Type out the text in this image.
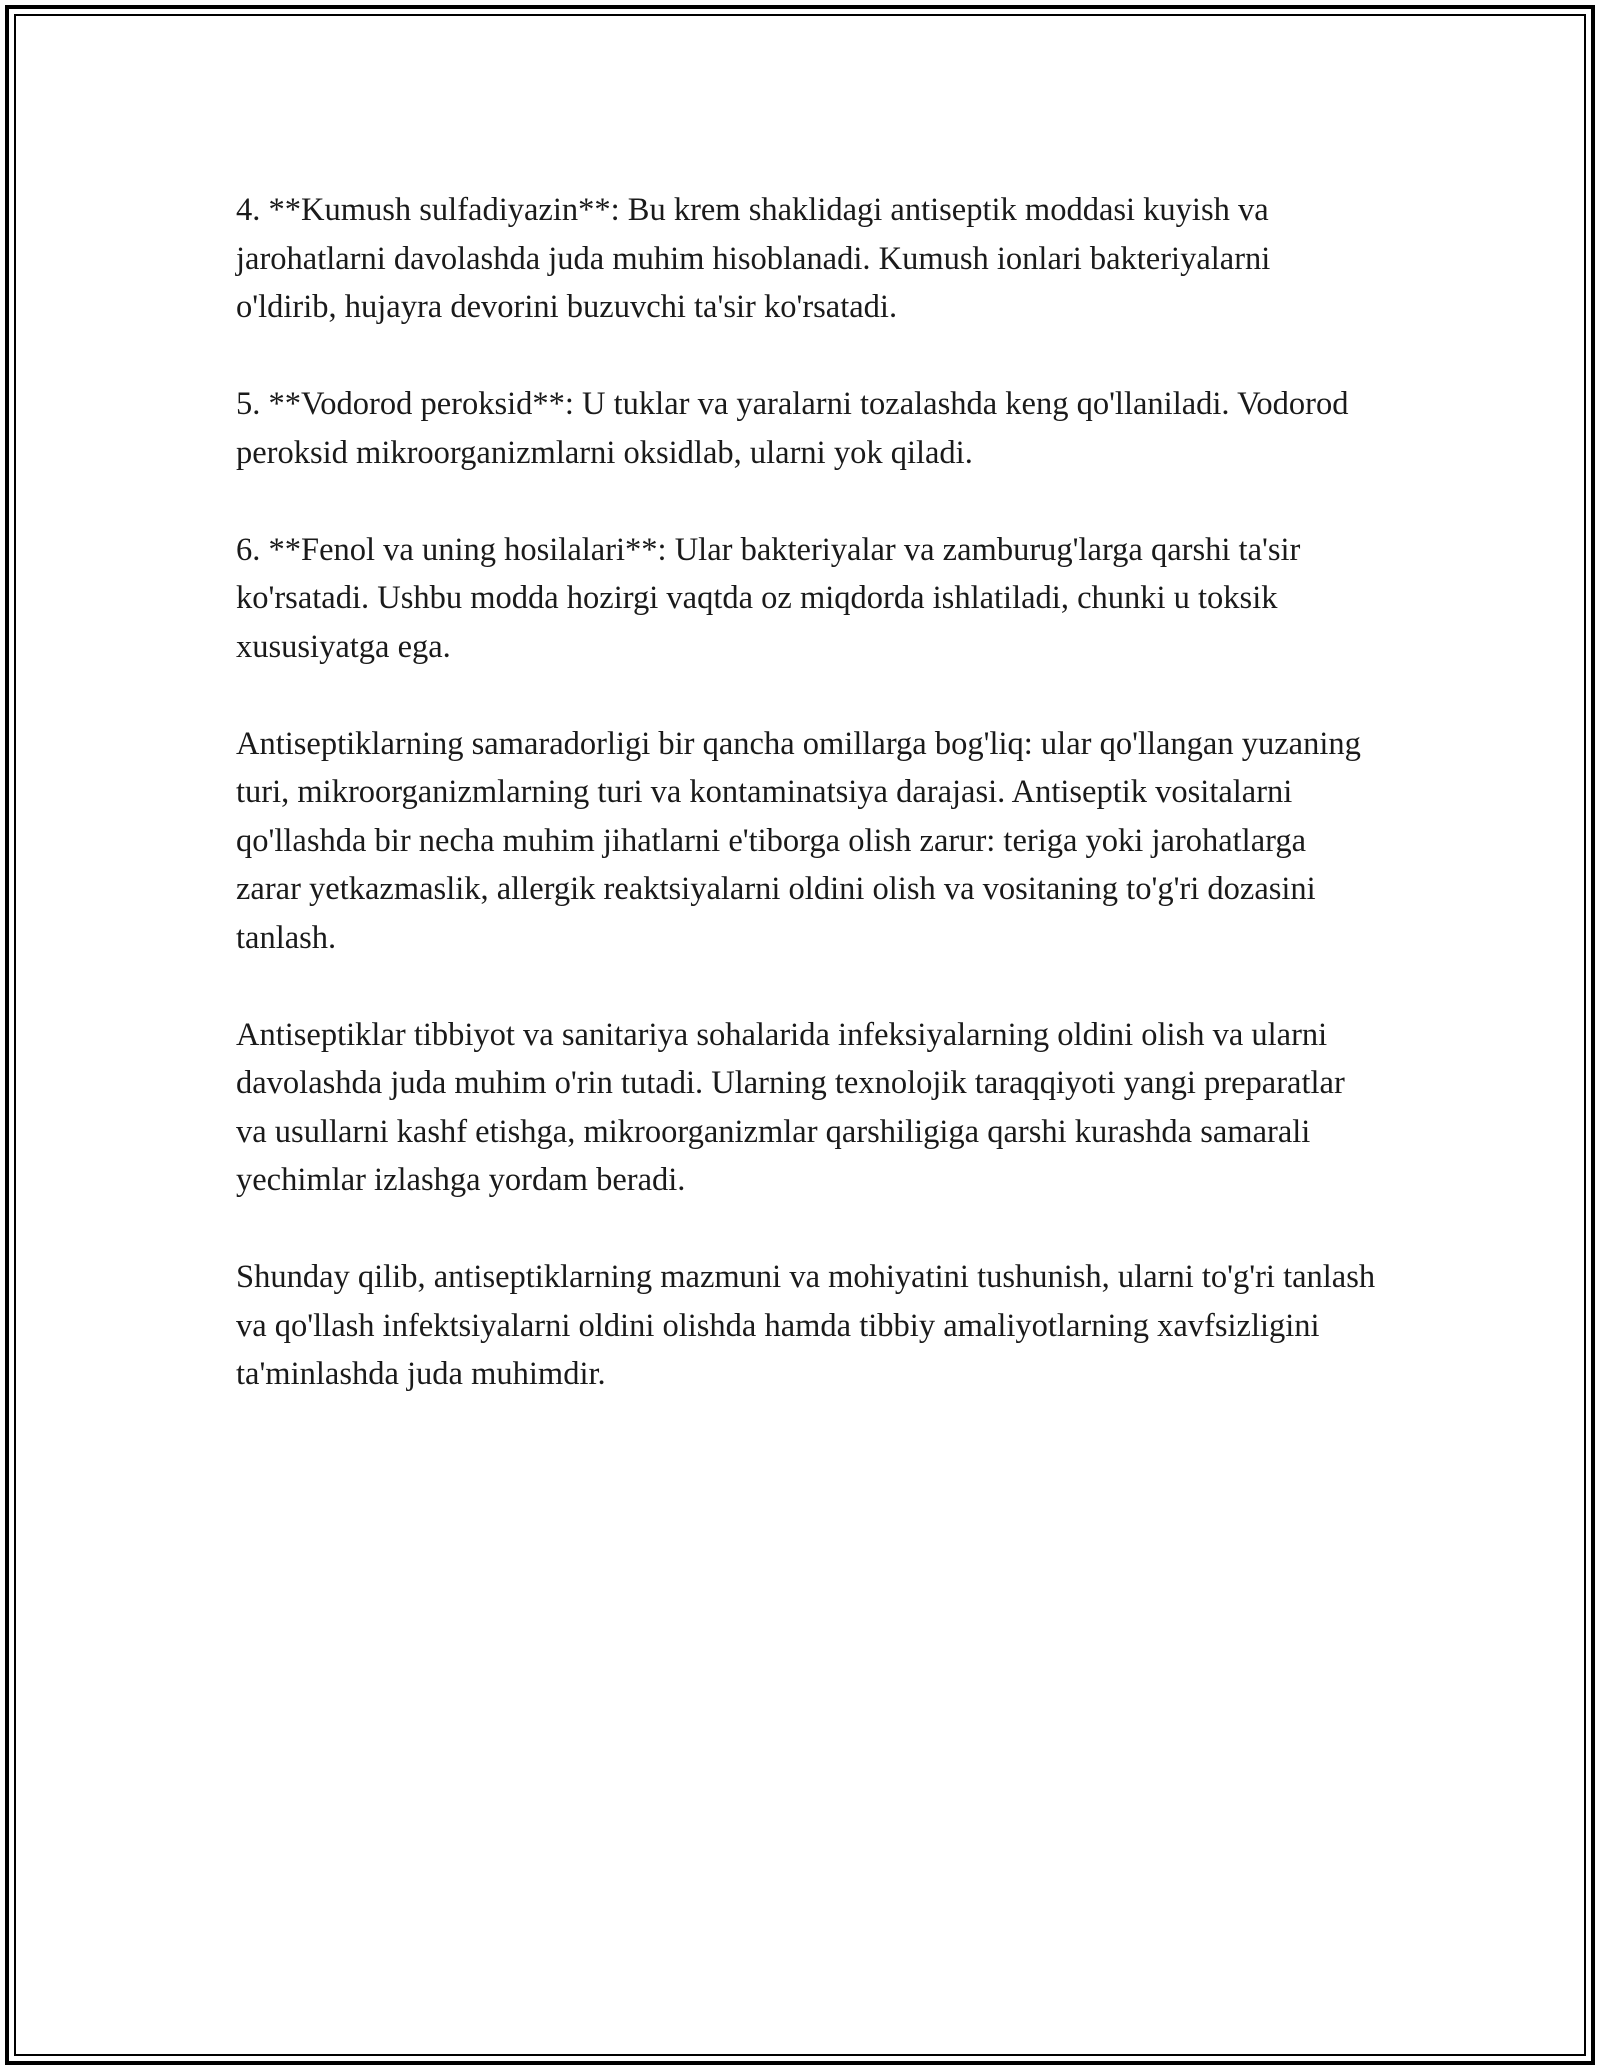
4. **Kumush sulfadiyazin**: Bu krem shaklidagi antiseptik moddasi kuyish va jarohatlarni davolashda juda muhim hisoblanadi. Kumush ionlari bakteriyalarni o'ldirib, hujayra devorini buzuvchi ta'sir ko'rsatadi.

5. **Vodorod peroksid**: U tuklar va yaralarni tozalashda keng qo'llaniladi. Vodorod peroksid mikroorganizmlarni oksidlab, ularni yok qiladi.

6. **Fenol va uning hosilalari**: Ular bakteriyalar va zamburug'larga qarshi ta'sir ko'rsatadi. Ushbu modda hozirgi vaqtda oz miqdorda ishlatiladi, chunki u toksik xususiyatga ega.

Antiseptiklarning samaradorligi bir qancha omillarga bog'liq: ular qo'llangan yuzaning turi, mikroorganizmlarning turi va kontaminatsiya darajasi. Antiseptik vositalarni qo'llashda bir necha muhim jihatlarni e'tiborga olish zarur: teriga yoki jarohatlarga zarar yetkazmaslik, allergik reaktsiyalarni oldini olish va vositaning to'g'ri dozasini tanlash.

Antiseptiklar tibbiyot va sanitariya sohalarida infeksiyalarning oldini olish va ularni davolashda juda muhim o'rin tutadi. Ularning texnolojik taraqqiyoti yangi preparatlar va usullarni kashf etishga, mikroorganizmlar qarshiligiga qarshi kurashda samarali yechimlar izlashga yordam beradi.

Shunday qilib, antiseptiklarning mazmuni va mohiyatini tushunish, ularni to'g'ri tanlash va qo'llash infektsiyalarni oldini olishda hamda tibbiy amaliyotlarning xavfsizligini ta'minlashda juda muhimdir.
